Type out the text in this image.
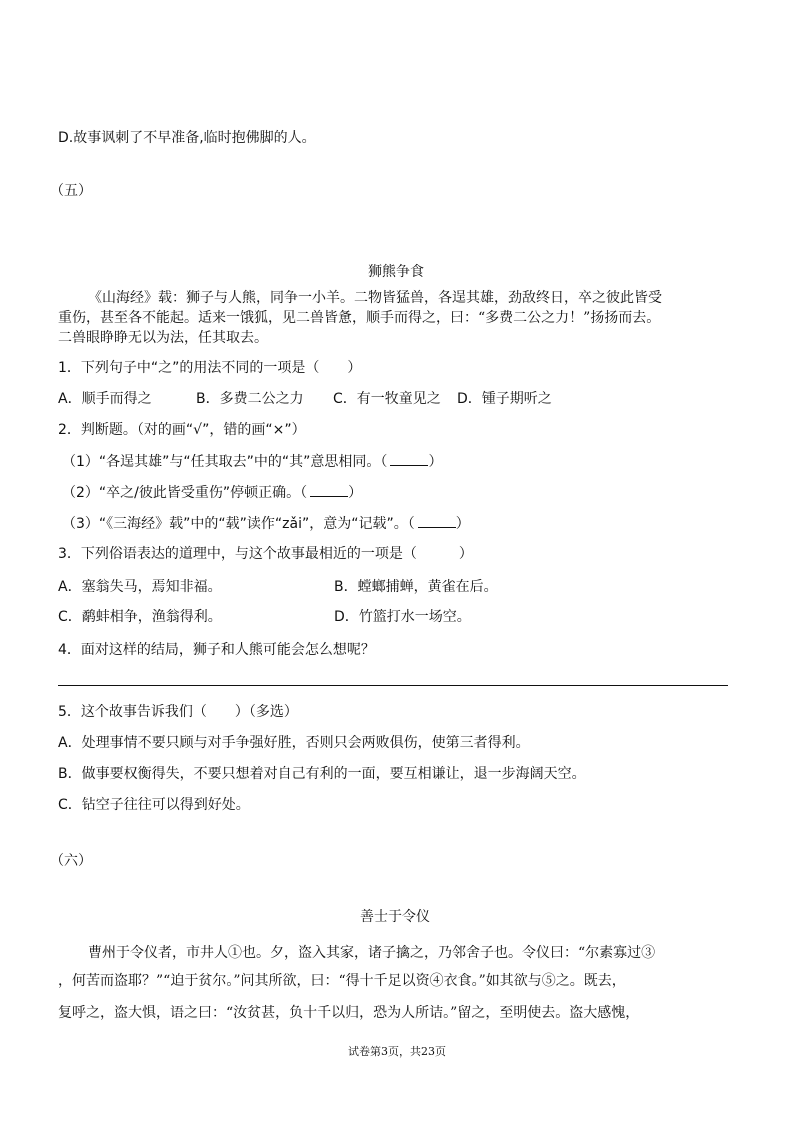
D.故事讽刺了不早准备,临时抱佛脚的人。
（五）
狮熊争食
《山海经》载：狮子与人熊，同争一小羊。二物皆猛兽，各逞其雄，劲敌终日，卒之彼此皆受
重伤，甚至各不能起。适来一饿狐，见二兽皆惫，顺手而得之，曰：“多费二公之力！”扬扬而去。
二兽眼睁睁无以为法，任其取去。
1．下列句子中“之”的用法不同的一项是（　　）
A．顺手而得之	B．多费二公之力 C．有一牧童见之 D．锺子期听之
2．判断题。（对的画“√”，错的画“×”）
（1）“各逞其雄”与“任其取去”中的“其”意思相同。（	）
（2）“卒之/彼此皆受重伤”停顿正确。（	）
（3）“《三海经》载”中的“载”读作“zǎi”，意为“记载”。（	）
3．下列俗语表达的道理中，与这个故事最相近的一项是（　　　）
A．塞翁失马，焉知非福。	B．螳螂捕蝉，黄雀在后。
C．鹬蚌相争，渔翁得利。	D．竹篮打水一场空。
4．面对这样的结局，狮子和人熊可能会怎么想呢？
5．这个故事告诉我们（　　）（多选）
A．处理事情不要只顾与对手争强好胜，否则只会两败俱伤，使第三者得利。
B．做事要权衡得失，不要只想着对自己有利的一面，要互相谦让，退一步海阔天空。
C．钻空子往往可以得到好处。
（六）
善士于令仪
曹州于令仪者，市井人①也。夕，盗入其家，诸子擒之，乃邻舍子也。令仪曰：“尔素寡过③
，何苦而盗耶？”“迫于贫尔。”问其所欲，曰：“得十千足以资④衣食。”如其欲与⑤之。既去，
复呼之，盗大惧，语之曰：“汝贫甚，负十千以归，恐为人所诘。”留之，至明使去。盗大感愧，
试卷第3页，共23页
